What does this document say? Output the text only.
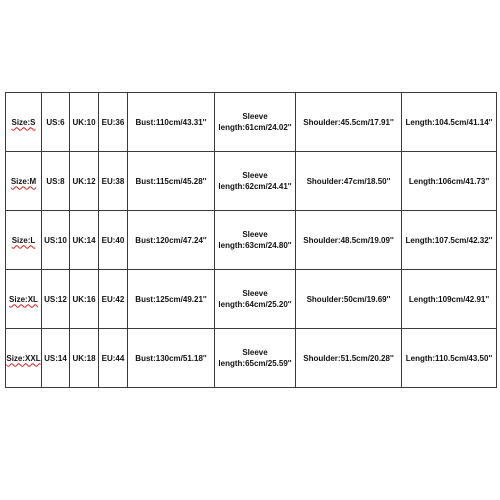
Size:S	US:6	UK:10	EU:36	Bust:110cm/43.31''	Sleeve length:61cm/24.02''	Shoulder:45.5cm/17.91''	Length:104.5cm/41.14''
Size:M	US:8	UK:12	EU:38	Bust:115cm/45.28''	Sleeve length:62cm/24.41''	Shoulder:47cm/18.50''	Length:106cm/41.73''
Size:L	US:10	UK:14	EU:40	Bust:120cm/47.24''	Sleeve length:63cm/24.80''	Shoulder:48.5cm/19.09''	Length:107.5cm/42.32''
Size:XL	US:12	UK:16	EU:42	Bust:125cm/49.21''	Sleeve length:64cm/25.20''	Shoulder:50cm/19.69''	Length:109cm/42.91''
Size:XXL	US:14	UK:18	EU:44	Bust:130cm/51.18''	Sleeve length:65cm/25.59''	Shoulder:51.5cm/20.28''	Length:110.5cm/43.50''
